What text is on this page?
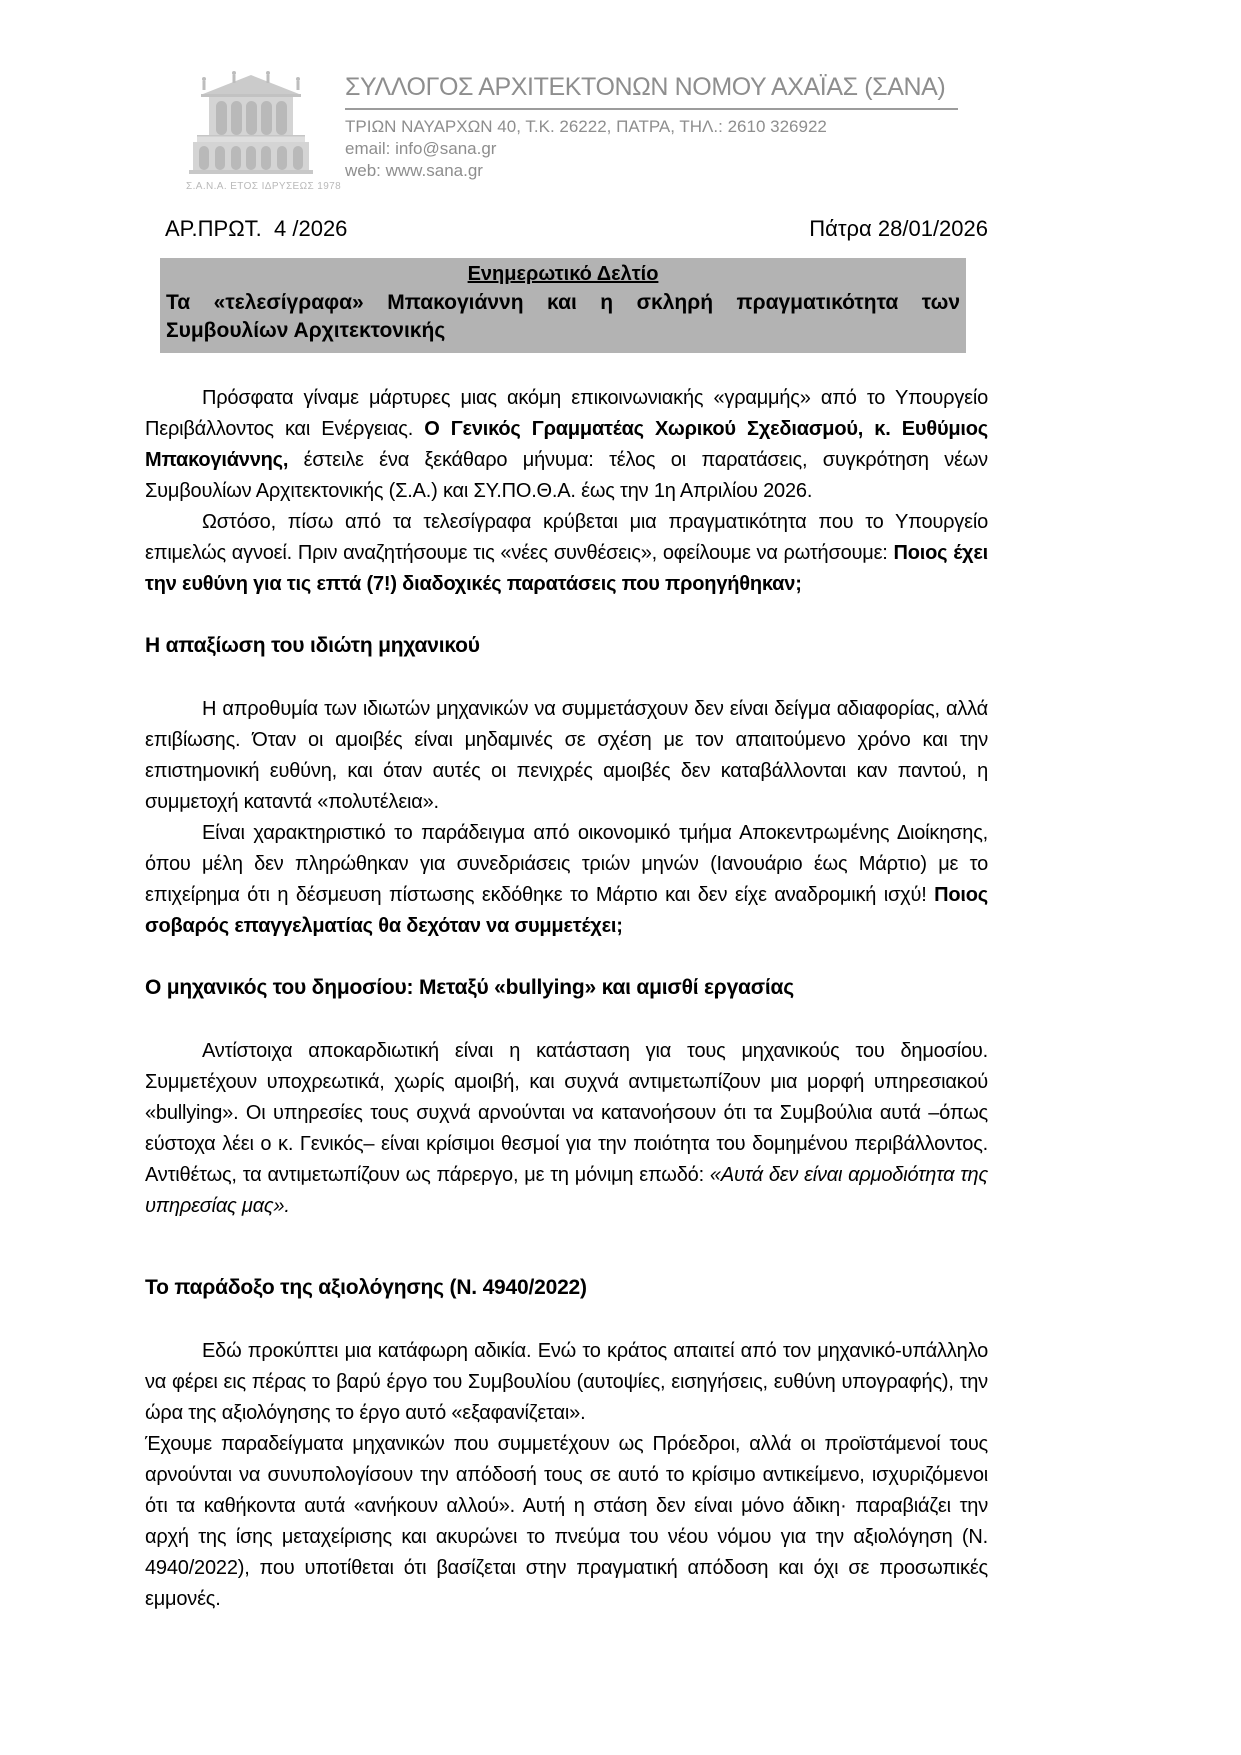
Σ.Α.Ν.Α. ΕΤΟΣ ΙΔΡΥΣΕΩΣ 1978
ΣΥΛΛΟΓΟΣ ΑΡΧΙΤΕΚΤΟΝΩΝ ΝΟΜΟΥ ΑΧΑΪΑΣ (ΣΑΝΑ)
ΤΡΙΩΝ ΝΑΥΑΡΧΩΝ 40, Τ.Κ. 26222, ΠΑΤΡΑ, ΤΗΛ.: 2610 326922
email: info@sana.gr
web: www.sana.gr
ΑΡ.ΠΡΩΤ.  4 /2026	Πάτρα 28/01/2026
Ενημερωτικό Δελτίο
Τα «τελεσίγραφα» Μπακογιάννη και η σκληρή πραγματικότητα των Συμβουλίων Αρχιτεκτονικής

Πρόσφατα γίναμε μάρτυρες μιας ακόμη επικοινωνιακής «γραμμής» από το Υπουργείο Περιβάλλοντος και Ενέργειας. Ο Γενικός Γραμματέας Χωρικού Σχεδιασμού, κ. Ευθύμιος Μπακογιάννης, έστειλε ένα ξεκάθαρο μήνυμα: τέλος οι παρατάσεις, συγκρότηση νέων Συμβουλίων Αρχιτεκτονικής (Σ.Α.) και ΣΥ.ΠΟ.Θ.Α. έως την 1η Απριλίου 2026.

Ωστόσο, πίσω από τα τελεσίγραφα κρύβεται μια πραγματικότητα που το Υπουργείο επιμελώς αγνοεί. Πριν αναζητήσουμε τις «νέες συνθέσεις», οφείλουμε να ρωτήσουμε: Ποιος έχει την ευθύνη για τις επτά (7!) διαδοχικές παρατάσεις που προηγήθηκαν;

Η απαξίωση του ιδιώτη μηχανικού

Η απροθυμία των ιδιωτών μηχανικών να συμμετάσχουν δεν είναι δείγμα αδιαφορίας, αλλά επιβίωσης. Όταν οι αμοιβές είναι μηδαμινές σε σχέση με τον απαιτούμενο χρόνο και την επιστημονική ευθύνη, και όταν αυτές οι πενιχρές αμοιβές δεν καταβάλλονται καν παντού, η συμμετοχή καταντά «πολυτέλεια».

Είναι χαρακτηριστικό το παράδειγμα από οικονομικό τμήμα Αποκεντρωμένης Διοίκησης, όπου μέλη δεν πληρώθηκαν για συνεδριάσεις τριών μηνών (Ιανουάριο έως Μάρτιο) με το επιχείρημα ότι η δέσμευση πίστωσης εκδόθηκε το Μάρτιο και δεν είχε αναδρομική ισχύ! Ποιος σοβαρός επαγγελματίας θα δεχόταν να συμμετέχει;

Ο μηχανικός του δημοσίου: Μεταξύ «bullying» και αμισθί εργασίας

Αντίστοιχα αποκαρδιωτική είναι η κατάσταση για τους μηχανικούς του δημοσίου. Συμμετέχουν υποχρεωτικά, χωρίς αμοιβή, και συχνά αντιμετωπίζουν μια μορφή υπηρεσιακού «bullying». Οι υπηρεσίες τους συχνά αρνούνται να κατανοήσουν ότι τα Συμβούλια αυτά –όπως εύστοχα λέει ο κ. Γενικός– είναι κρίσιμοι θεσμοί για την ποιότητα του δομημένου περιβάλλοντος. Αντιθέτως, τα αντιμετωπίζουν ως πάρεργο, με τη μόνιμη επωδό: «Αυτά δεν είναι αρμοδιότητα της υπηρεσίας μας».

Το παράδοξο της αξιολόγησης (Ν. 4940/2022)

Εδώ προκύπτει μια κατάφωρη αδικία. Ενώ το κράτος απαιτεί από τον μηχανικό-υπάλληλο να φέρει εις πέρας το βαρύ έργο του Συμβουλίου (αυτοψίες, εισηγήσεις, ευθύνη υπογραφής), την ώρα της αξιολόγησης το έργο αυτό «εξαφανίζεται».

Έχουμε παραδείγματα μηχανικών που συμμετέχουν ως Πρόεδροι, αλλά οι προϊστάμενοί τους αρνούνται να συνυπολογίσουν την απόδοσή τους σε αυτό το κρίσιμο αντικείμενο, ισχυριζόμενοι ότι τα καθήκοντα αυτά «ανήκουν αλλού». Αυτή η στάση δεν είναι μόνο άδικη· παραβιάζει την αρχή της ίσης μεταχείρισης και ακυρώνει το πνεύμα του νέου νόμου για την αξιολόγηση (Ν. 4940/2022), που υποτίθεται ότι βασίζεται στην πραγματική απόδοση και όχι σε προσωπικές εμμονές.
